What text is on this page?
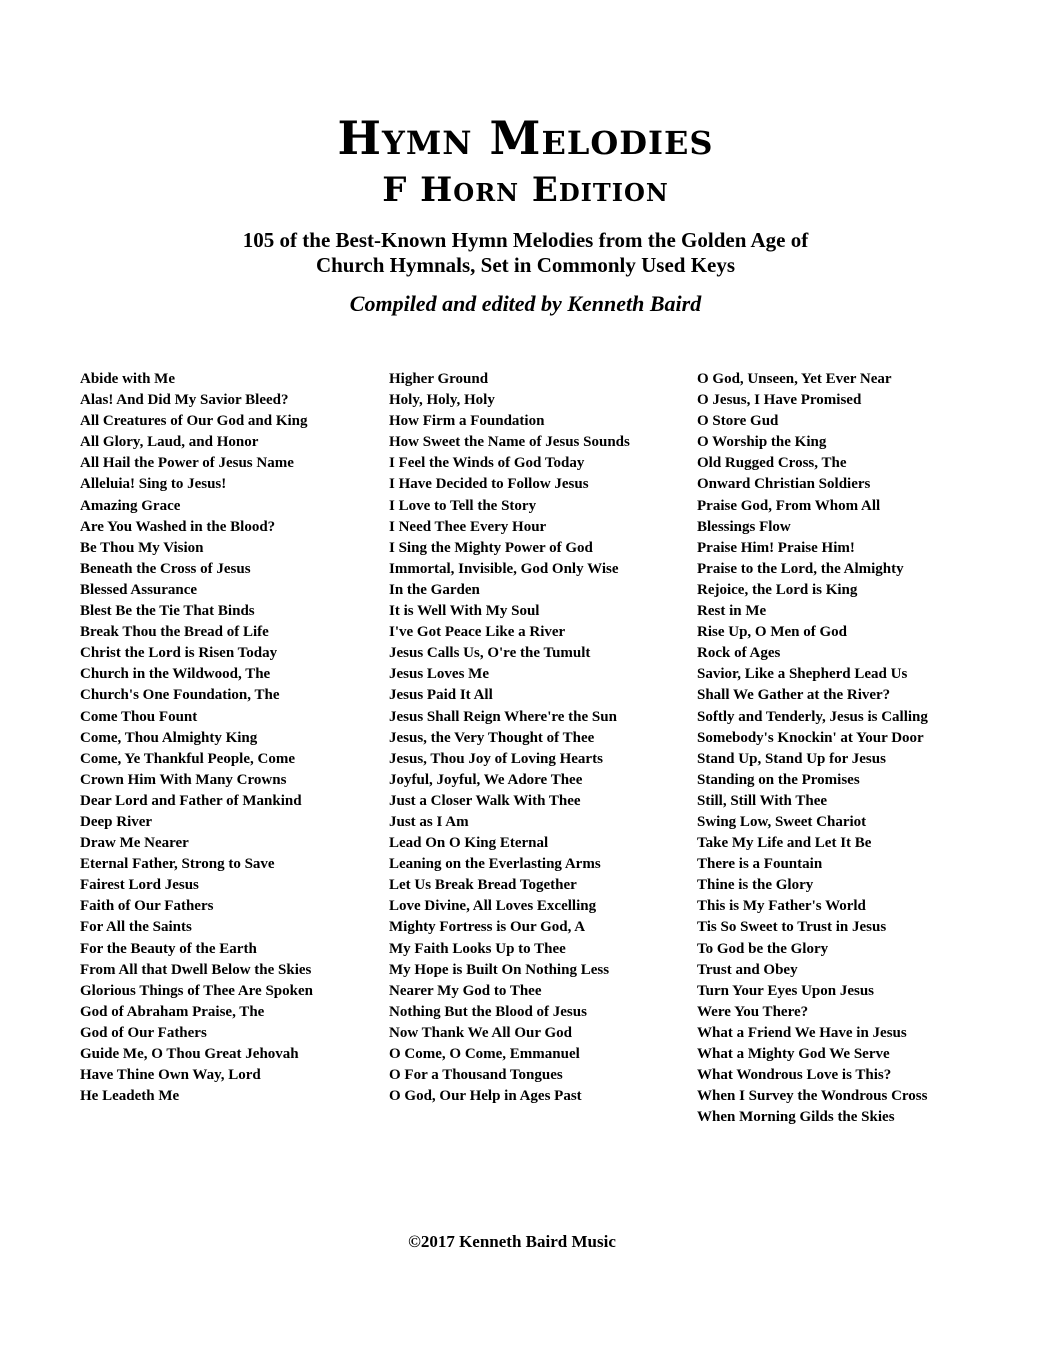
Hymn Melodies
F Horn Edition
105 of the Best-Known Hymn Melodies from the Golden Age of
Church Hymnals, Set in Commonly Used Keys
Compiled and edited by Kenneth Baird
Abide with Me
Alas! And Did My Savior Bleed?
All Creatures of Our God and King
All Glory, Laud, and Honor
All Hail the Power of Jesus Name
Alleluia! Sing to Jesus!
Amazing Grace
Are You Washed in the Blood?
Be Thou My Vision
Beneath the Cross of Jesus
Blessed Assurance
Blest Be the Tie That Binds
Break Thou the Bread of Life
Christ the Lord is Risen Today
Church in the Wildwood, The
Church's One Foundation, The
Come Thou Fount
Come, Thou Almighty King
Come, Ye Thankful People, Come
Crown Him With Many Crowns
Dear Lord and Father of Mankind
Deep River
Draw Me Nearer
Eternal Father, Strong to Save
Fairest Lord Jesus
Faith of Our Fathers
For All the Saints
For the Beauty of the Earth
From All that Dwell Below the Skies
Glorious Things of Thee Are Spoken
God of Abraham Praise, The
God of Our Fathers
Guide Me, O Thou Great Jehovah
Have Thine Own Way, Lord
He Leadeth Me
Higher Ground
Holy, Holy, Holy
How Firm a Foundation
How Sweet the Name of Jesus Sounds
I Feel the Winds of God Today
I Have Decided to Follow Jesus
I Love to Tell the Story
I Need Thee Every Hour
I Sing the Mighty Power of God
Immortal, Invisible, God Only Wise
In the Garden
It is Well With My Soul
I've Got Peace Like a River
Jesus Calls Us, O're the Tumult
Jesus Loves Me
Jesus Paid It All
Jesus Shall Reign Where're the Sun
Jesus, the Very Thought of Thee
Jesus, Thou Joy of Loving Hearts
Joyful, Joyful, We Adore Thee
Just a Closer Walk With Thee
Just as I Am
Lead On O King Eternal
Leaning on the Everlasting Arms
Let Us Break Bread Together
Love Divine, All Loves Excelling
Mighty Fortress is Our God, A
My Faith Looks Up to Thee
My Hope is Built On Nothing Less
Nearer My God to Thee
Nothing But the Blood of Jesus
Now Thank We All Our God
O Come, O Come, Emmanuel
O For a Thousand Tongues
O God, Our Help in Ages Past
O God, Unseen, Yet Ever Near
O Jesus, I Have Promised
O Store Gud
O Worship the King
Old Rugged Cross, The
Onward Christian Soldiers
Praise God, From Whom All
Blessings Flow
Praise Him! Praise Him!
Praise to the Lord, the Almighty
Rejoice, the Lord is King
Rest in Me
Rise Up, O Men of God
Rock of Ages
Savior, Like a Shepherd Lead Us
Shall We Gather at the River?
Softly and Tenderly, Jesus is Calling
Somebody's Knockin' at Your Door
Stand Up, Stand Up for Jesus
Standing on the Promises
Still, Still With Thee
Swing Low, Sweet Chariot
Take My Life and Let It Be
There is a Fountain
Thine is the Glory
This is My Father's World
Tis So Sweet to Trust in Jesus
To God be the Glory
Trust and Obey
Turn Your Eyes Upon Jesus
Were You There?
What a Friend We Have in Jesus
What a Mighty God We Serve
What Wondrous Love is This?
When I Survey the Wondrous Cross
When Morning Gilds the Skies
©2017 Kenneth Baird Music
